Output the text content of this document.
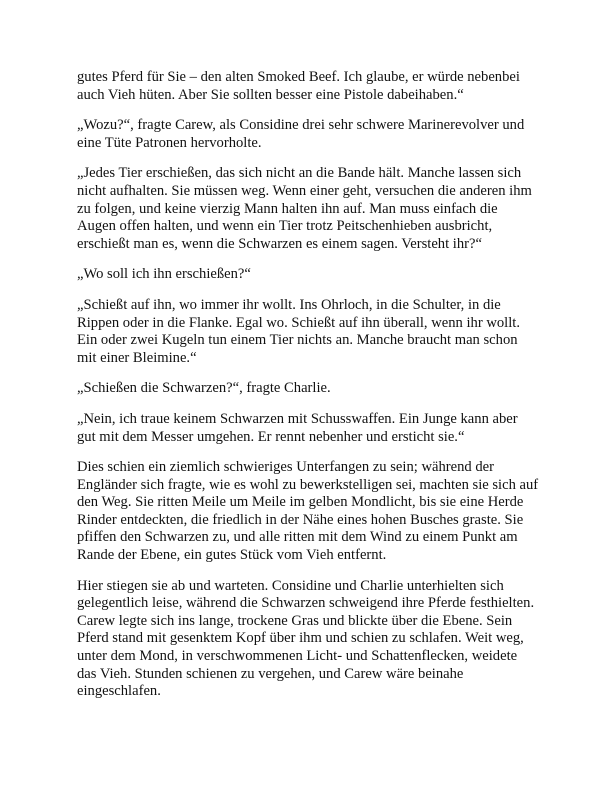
gutes Pferd für Sie – den alten Smoked Beef. Ich glaube, er würde nebenbei auch Vieh hüten. Aber Sie sollten besser eine Pistole dabeihaben.“

„Wozu?“, fragte Carew, als Considine drei sehr schwere Marinerevolver und eine Tüte Patronen hervorholte.

„Jedes Tier erschießen, das sich nicht an die Bande hält. Manche lassen sich nicht aufhalten. Sie müssen weg. Wenn einer geht, versuchen die anderen ihm zu folgen, und keine vierzig Mann halten ihn auf. Man muss einfach die Augen offen halten, und wenn ein Tier trotz Peitschenhieben ausbricht, erschießt man es, wenn die Schwarzen es einem sagen. Versteht ihr?“

„Wo soll ich ihn erschießen?“

„Schießt auf ihn, wo immer ihr wollt. Ins Ohrloch, in die Schulter, in die Rippen oder in die Flanke. Egal wo. Schießt auf ihn überall, wenn ihr wollt. Ein oder zwei Kugeln tun einem Tier nichts an. Manche braucht man schon mit einer Bleimine.“

„Schießen die Schwarzen?“, fragte Charlie.

„Nein, ich traue keinem Schwarzen mit Schusswaffen. Ein Junge kann aber gut mit dem Messer umgehen. Er rennt nebenher und ersticht sie.“

Dies schien ein ziemlich schwieriges Unterfangen zu sein; während der Engländer sich fragte, wie es wohl zu bewerkstelligen sei, machten sie sich auf den Weg. Sie ritten Meile um Meile im gelben Mondlicht, bis sie eine Herde Rinder entdeckten, die friedlich in der Nähe eines hohen Busches graste. Sie pfiffen den Schwarzen zu, und alle ritten mit dem Wind zu einem Punkt am Rande der Ebene, ein gutes Stück vom Vieh entfernt.

Hier stiegen sie ab und warteten. Considine und Charlie unterhielten sich gelegentlich leise, während die Schwarzen schweigend ihre Pferde festhielten. Carew legte sich ins lange, trockene Gras und blickte über die Ebene. Sein Pferd stand mit gesenktem Kopf über ihm und schien zu schlafen. Weit weg, unter dem Mond, in verschwommenen Licht- und Schattenflecken, weidete das Vieh. Stunden schienen zu vergehen, und Carew wäre beinahe eingeschlafen.
